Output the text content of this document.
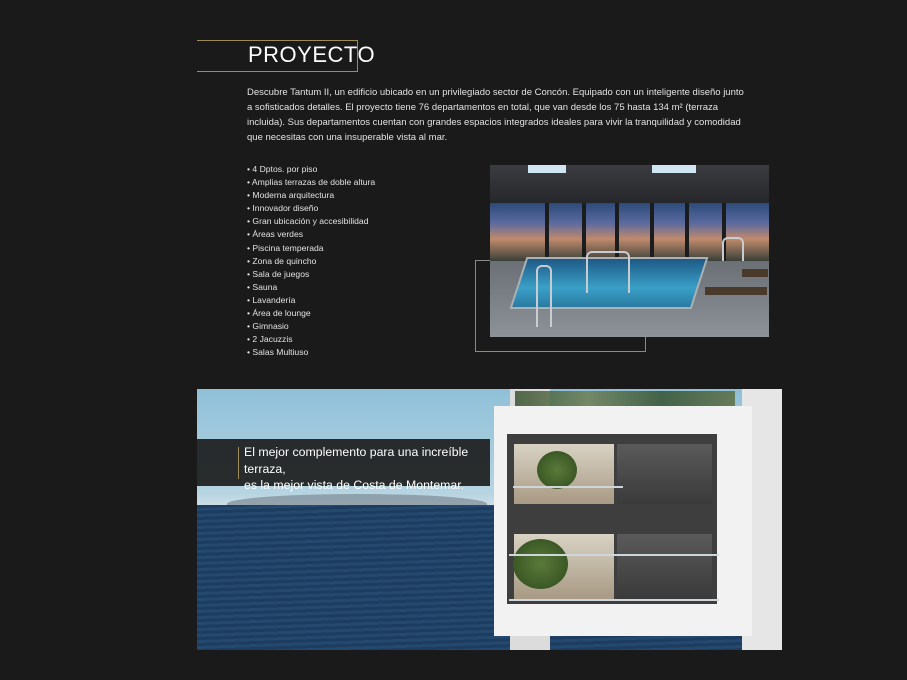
PROYECTO
Descubre Tantum II, un edificio ubicado en un privilegiado sector de Concón. Equipado con un inteligente diseño junto a sofisticados detalles. El proyecto tiene 76 departamentos en total, que van desde los 75 hasta 134 m² (terraza incluida). Sus departamentos cuentan con grandes espacios integrados ideales para vivir la tranquilidad y comodidad que necesitas con una insuperable vista al mar.
• 4 Dptos. por piso
• Amplias terrazas de doble altura
• Moderna arquitectura
• Innovador diseño
• Gran ubicación y accesibilidad
• Áreas verdes
• Piscina temperada
• Zona de quincho
• Sala de juegos
• Sauna
• Lavandería
• Área de lounge
• Gimnasio
• 2 Jacuzzis
• Salas Multiuso
El mejor complemento para una increíble terraza,
es la mejor vista de Costa de Montemar.
